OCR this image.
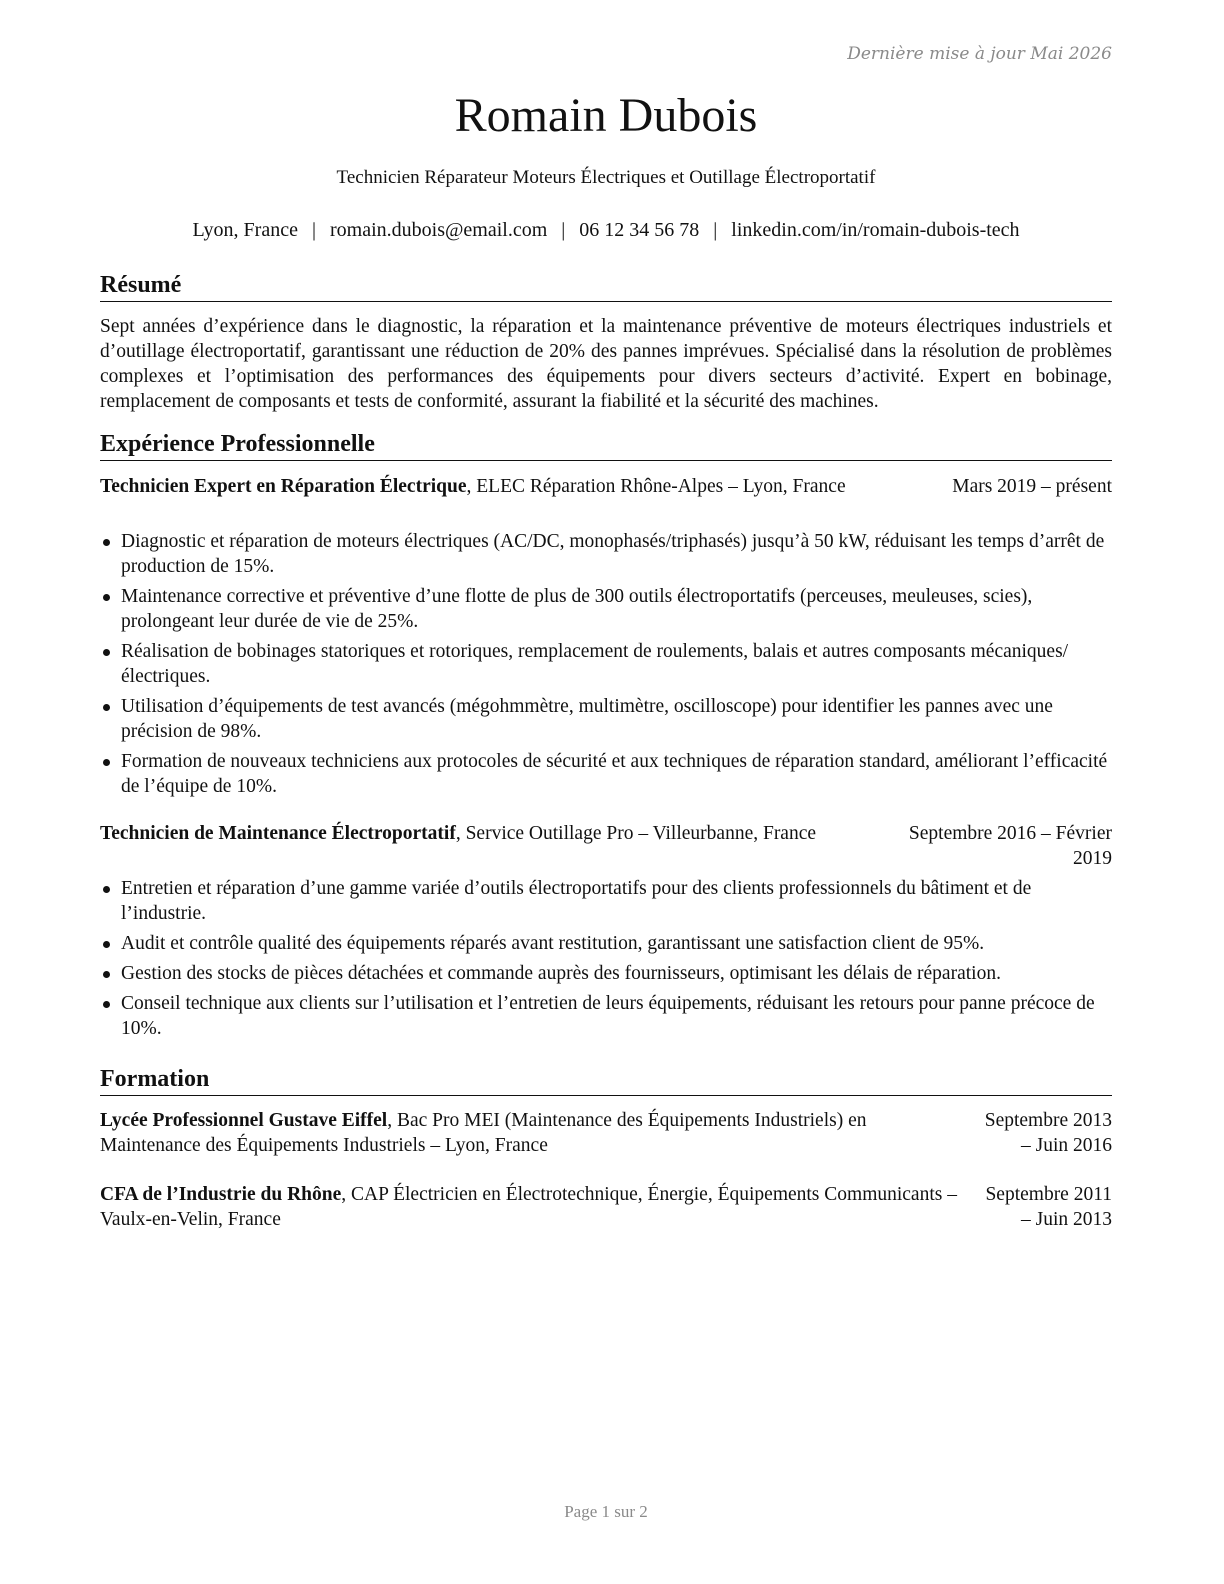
Dernière mise à jour Mai 2026
Romain Dubois
Technicien Réparateur Moteurs Électriques et Outillage Électroportatif
Lyon, France | romain.dubois@email.com | 06 12 34 56 78 | linkedin.com/in/romain-dubois-tech
Résumé
Sept années d’expérience dans le diagnostic, la réparation et la maintenance préventive de moteurs électriques industriels et d’outillage électroportatif, garantissant une réduction de 20% des pannes imprévues. Spécialisé dans la résolution de problèmes complexes et l’optimisation des performances des équipements pour divers secteurs d’activité. Expert en bobinage, remplacement de composants et tests de conformité, assurant la fiabilité et la sécurité des machines.
Expérience Professionnelle
Mars 2019 – présent
Technicien Expert en Réparation Électrique, ELEC Réparation Rhône-Alpes – Lyon, France
Diagnostic et réparation de moteurs électriques (AC/DC, monophasés/triphasés) jusqu’à 50 kW, réduisant les temps d’arrêt de production de 15%.
Maintenance corrective et préventive d’une flotte de plus de 300 outils électroportatifs (perceuses, meuleuses, scies), prolongeant leur durée de vie de 25%.
Réalisation de bobinages statoriques et rotoriques, remplacement de roulements, balais et autres composants mécaniques/électriques.
Utilisation d’équipements de test avancés (mégohmmètre, multimètre, oscilloscope) pour identifier les pannes avec une précision de 98%.
Formation de nouveaux techniciens aux protocoles de sécurité et aux techniques de réparation standard, améliorant l’efficacité de l’équipe de 10%.
Septembre 2016 – Février 2019
Technicien de Maintenance Électroportatif, Service Outillage Pro – Villeurbanne, France
Entretien et réparation d’une gamme variée d’outils électroportatifs pour des clients professionnels du bâtiment et de l’industrie.
Audit et contrôle qualité des équipements réparés avant restitution, garantissant une satisfaction client de 95%.
Gestion des stocks de pièces détachées et commande auprès des fournisseurs, optimisant les délais de réparation.
Conseil technique aux clients sur l’utilisation et l’entretien de leurs équipements, réduisant les retours pour panne précoce de 10%.
Formation
Septembre 2013 – Juin 2016
Lycée Professionnel Gustave Eiffel, Bac Pro MEI (Maintenance des Équipements Industriels) en Maintenance des Équipements Industriels – Lyon, France
Septembre 2011 – Juin 2013
CFA de l’Industrie du Rhône, CAP Électricien en Électrotechnique, Énergie, Équipements Communicants – Vaulx-en-Velin, France
Page 1 sur 2
